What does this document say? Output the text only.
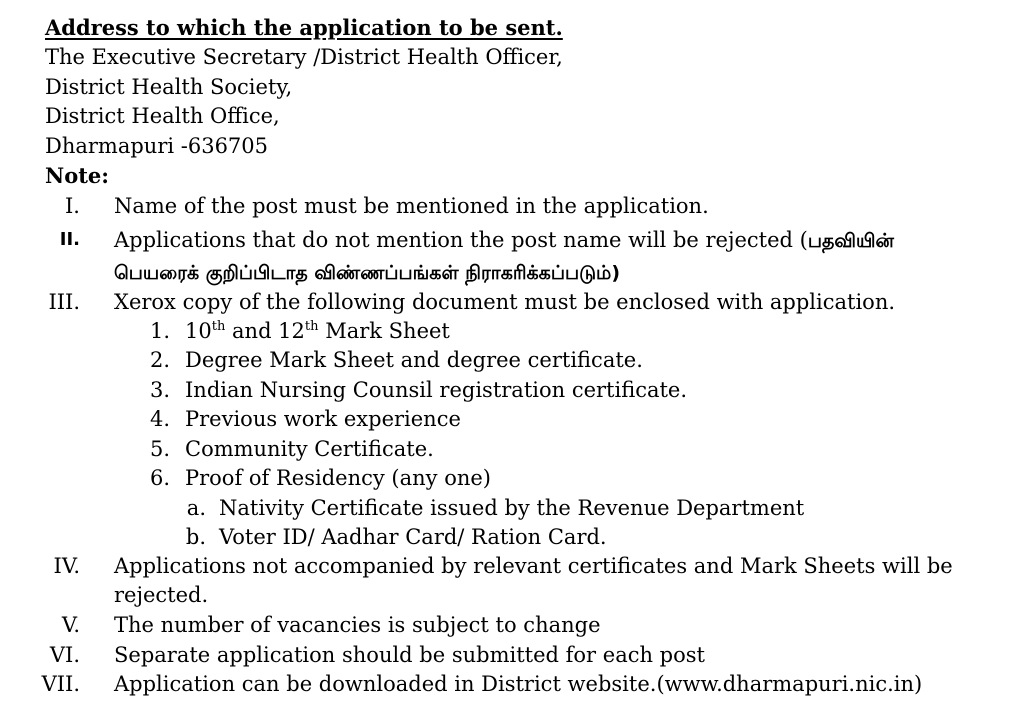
Address to which the application to be sent.
The Executive Secretary /District Health Officer,
District Health Society,
District Health Office,
Dharmapuri -636705
Note:
I. Name of the post must be mentioned in the application.
II. Applications that do not mention the post name will be rejected (பதவியின்
பெயரைக் குறிப்பிடாத விண்ணப்பங்கள் நிராகரிக்கப்படும்)
III. Xerox copy of the following document must be enclosed with application.
1. 10th and 12th Mark Sheet
2. Degree Mark Sheet and degree certificate.
3. Indian Nursing Counsil registration certificate.
4. Previous work experience
5. Community Certificate.
6. Proof of Residency (any one)
a. Nativity Certificate issued by the Revenue Department
b. Voter ID/ Aadhar Card/ Ration Card.
IV. Applications not accompanied by relevant certificates and Mark Sheets will be
rejected.
V. The number of vacancies is subject to change
VI. Separate application should be submitted for each post
VII. Application can be downloaded in District website.(www.dharmapuri.nic.in)
